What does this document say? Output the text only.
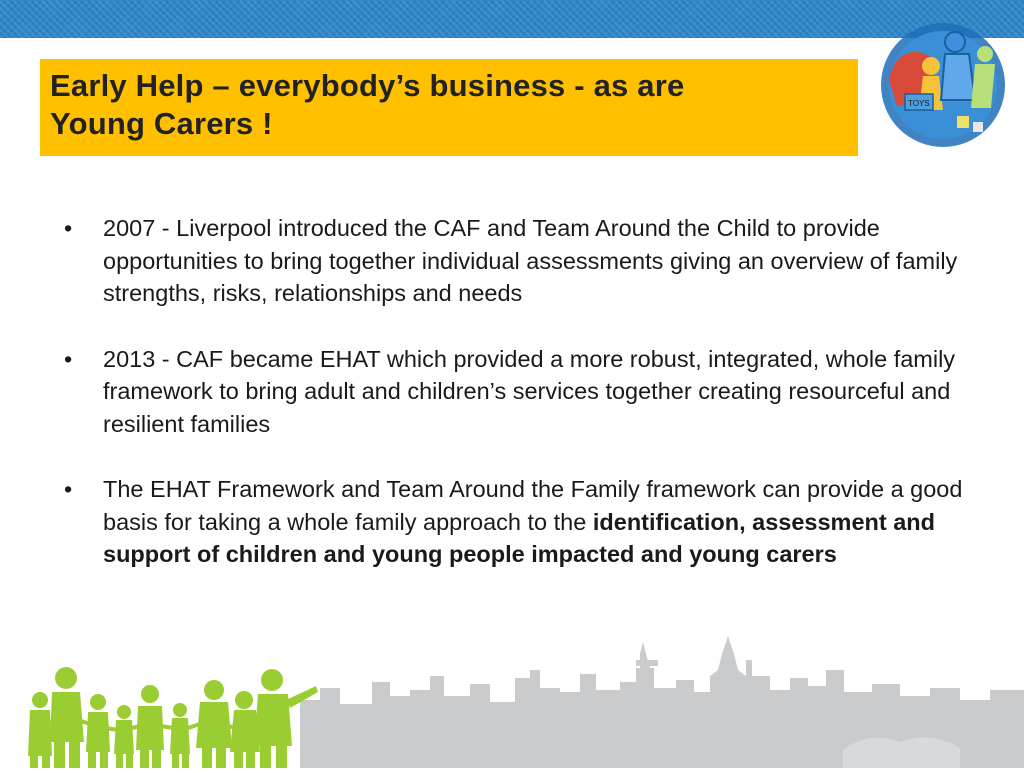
Early Help – everybody’s business - as are
Young Carers !
TOYS
•	2007 - Liverpool introduced the CAF and Team Around the Child to provide opportunities to bring together individual assessments giving an overview of family strengths, risks, relationships and needs
•	2013 - CAF became EHAT which provided a more robust, integrated, whole family framework to bring adult and children’s services together creating resourceful and resilient families
•	The EHAT Framework and Team Around the Family framework can provide a good basis for taking a whole family approach to the identification, assessment and support of children and young people impacted and young carers
